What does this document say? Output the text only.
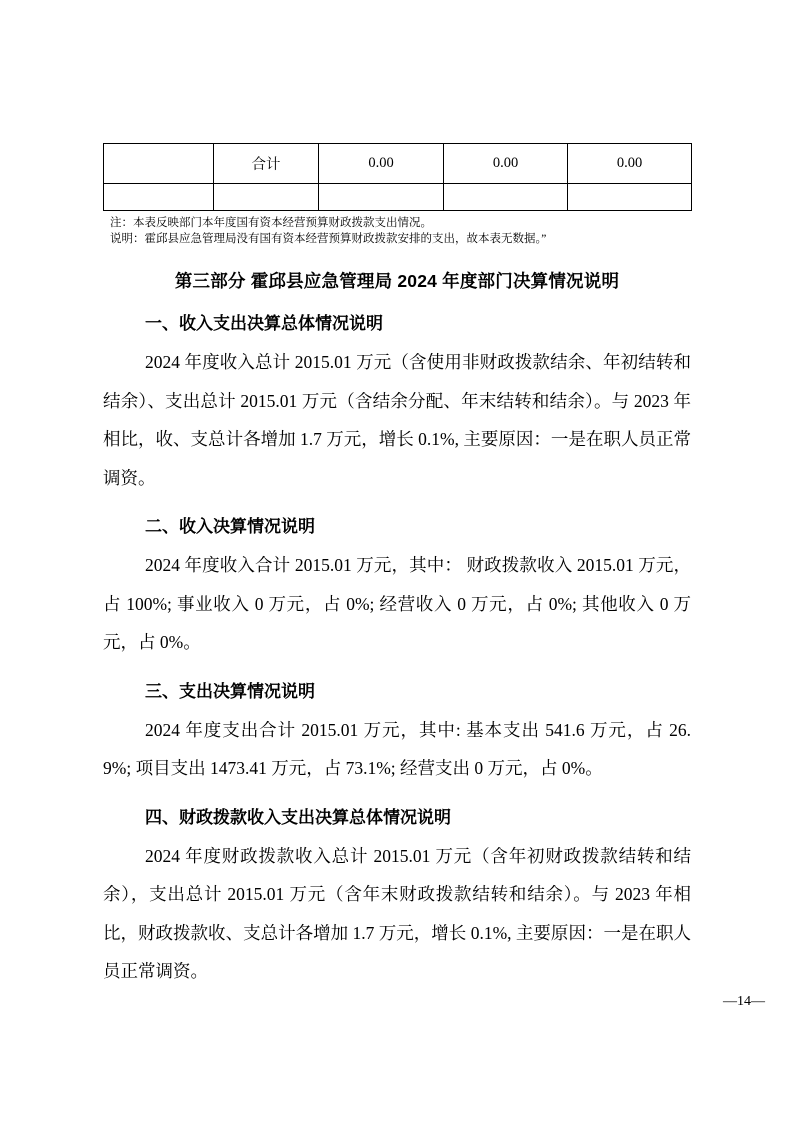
	合计	0.00	0.00	0.00

注：本表反映部门本年度国有资本经营预算财政拨款支出情况。

说明：霍邱县应急管理局没有国有资本经营预算财政拨款安排的支出，故本表无数据。”

第三部分 霍邱县应急管理局 2024 年度部门决算情况说明
一、收入支出决算总体情况说明

2024 年度收入总计 2015.01 万元（含使用非财政拨款结余、年初结转和结余）、支出总计 2015.01 万元（含结余分配、年末结转和结余）。与 2023 年相比，收、支总计各增加 1.7 万元，增长 0.1%, 主要原因：一是在职人员正常调资。

二、收入决算情况说明

2024 年度收入合计 2015.01 万元，其中： 财政拨款收入 2015.01 万元，占 100%; 事业收入 0 万元，占 0%; 经营收入 0 万元，占 0%; 其他收入 0 万元，占 0%。

三、支出决算情况说明

2024 年度支出合计 2015.01 万元，其中: 基本支出 541.6 万元，占 26.9%; 项目支出 1473.41 万元，占 73.1%; 经营支出 0 万元，占 0%。

四、财政拨款收入支出决算总体情况说明

2024 年度财政拨款收入总计 2015.01 万元（含年初财政拨款结转和结余），支出总计 2015.01 万元（含年末财政拨款结转和结余）。与 2023 年相比，财政拨款收、支总计各增加 1.7 万元，增长 0.1%, 主要原因：一是在职人员正常调资。

—14—
